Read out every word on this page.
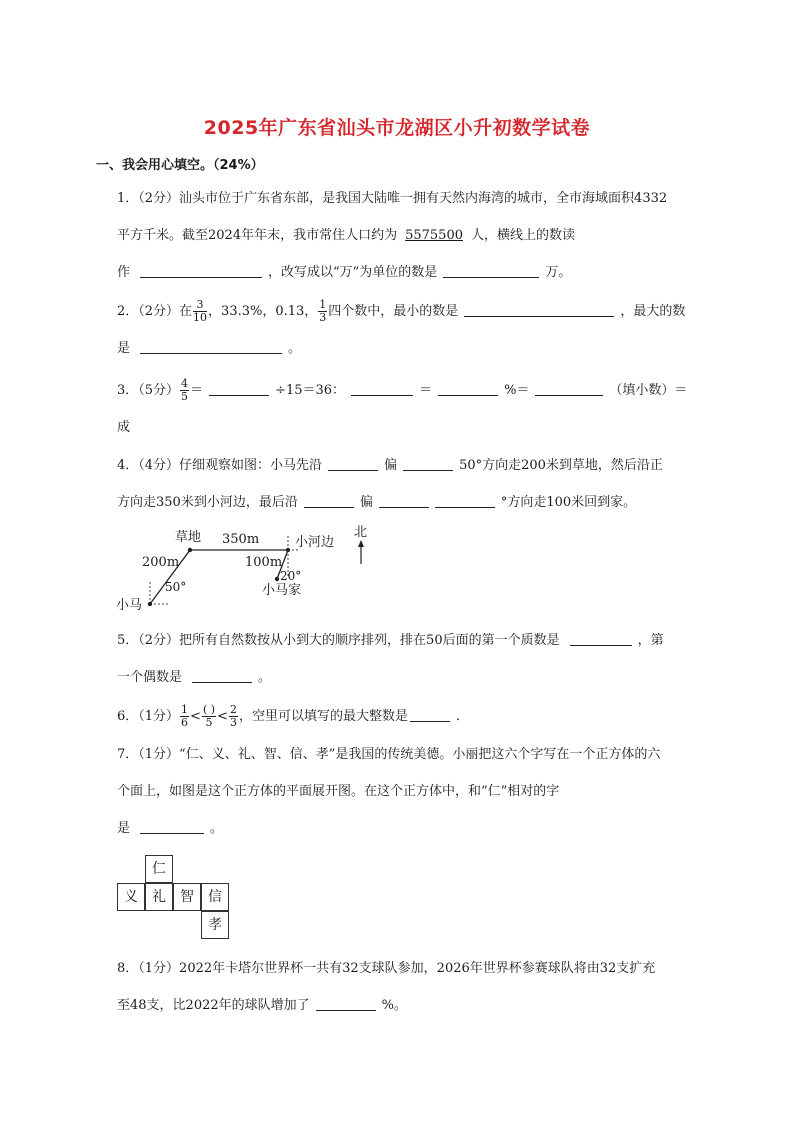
2025年广东省汕头市龙湖区小升初数学试卷
一、我会用心填空。（24%）
1．（2分）汕头市位于广东省东部，是我国大陆唯一拥有天然内海湾的城市，全市海域面积4332
平方千米。截至2024年年末，我市常住人口约为 5575500 人，横线上的数读
作	，改写成以“万”为单位的数是	万。
2．（2分）在 $\frac{3}{10}$ ，33.3%，0.13， $\frac{1}{3}$ 四个数中，最小的数是	，最大的数
是	。
3．（5分） $\frac{4}{5}$ ＝	÷15＝36：	＝	%＝	（填小数）＝
成
4．（4分）仔细观察如图：小马先沿	偏	50°方向走200米到草地，然后沿正
方向走350米到小河边，最后沿	偏	°方向走100米回到家。
草地 350m	小河边
北
200m	100m
20°
50°	小马家
小马
5．（2分）把所有自然数按从小到大的顺序排列，排在50后面的第一个质数是	，第
一个偶数是	。
6．（1分） $\frac{1}{6} < \frac{( )}{5} < \frac{2}{3}$ ，空里可以填写的最大整数是	．
7．（1分）“仁、义、礼、智、信、孝”是我国的传统美德。小丽把这六个字写在一个正方体的六
个面上，如图是这个正方体的平面展开图。在这个正方体中，和“仁”相对的字
是	。
仁
义	礼	智	信
孝
8．（1分）2022年卡塔尔世界杯一共有32支球队参加，2026年世界杯参赛球队将由32支扩充
至48支，比2022年的球队增加了	%。
